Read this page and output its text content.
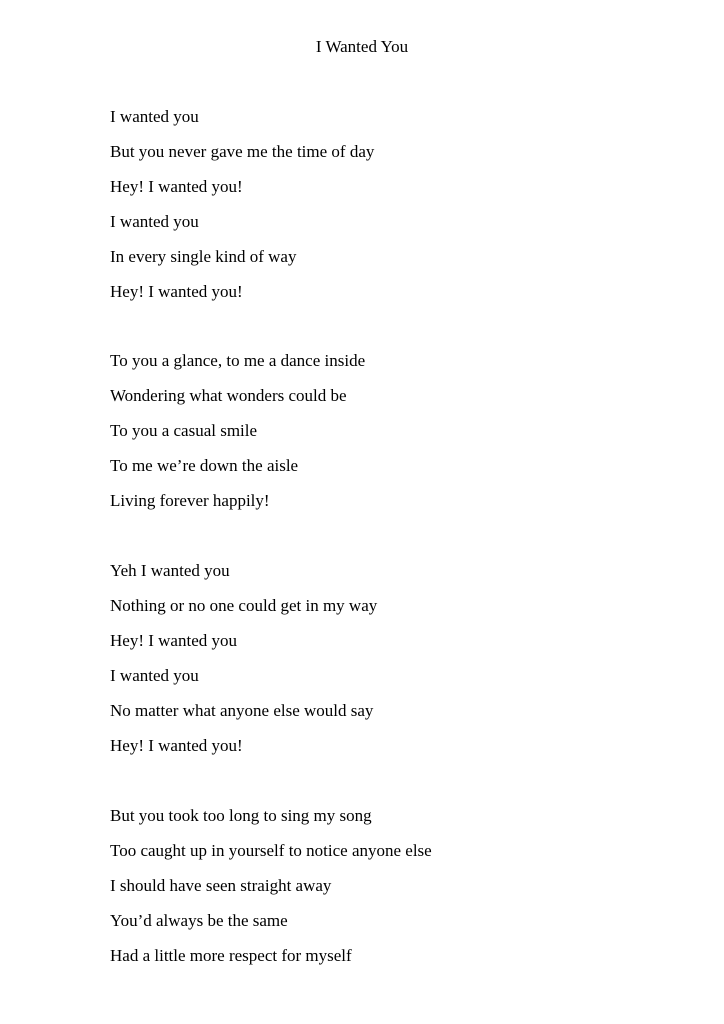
I Wanted You
I wanted you
But you never gave me the time of day
Hey! I wanted you!
I wanted you
In every single kind of way
Hey! I wanted you!
To you a glance, to me a dance inside
Wondering what wonders could be
To you a casual smile
To me we’re down the aisle
Living forever happily!
Yeh I wanted you
Nothing or no one could get in my way
Hey! I wanted you
I wanted you
No matter what anyone else would say
Hey! I wanted you!
But you took too long to sing my song
Too caught up in yourself to notice anyone else
I should have seen straight away
You’d always be the same
Had a little more respect for myself
